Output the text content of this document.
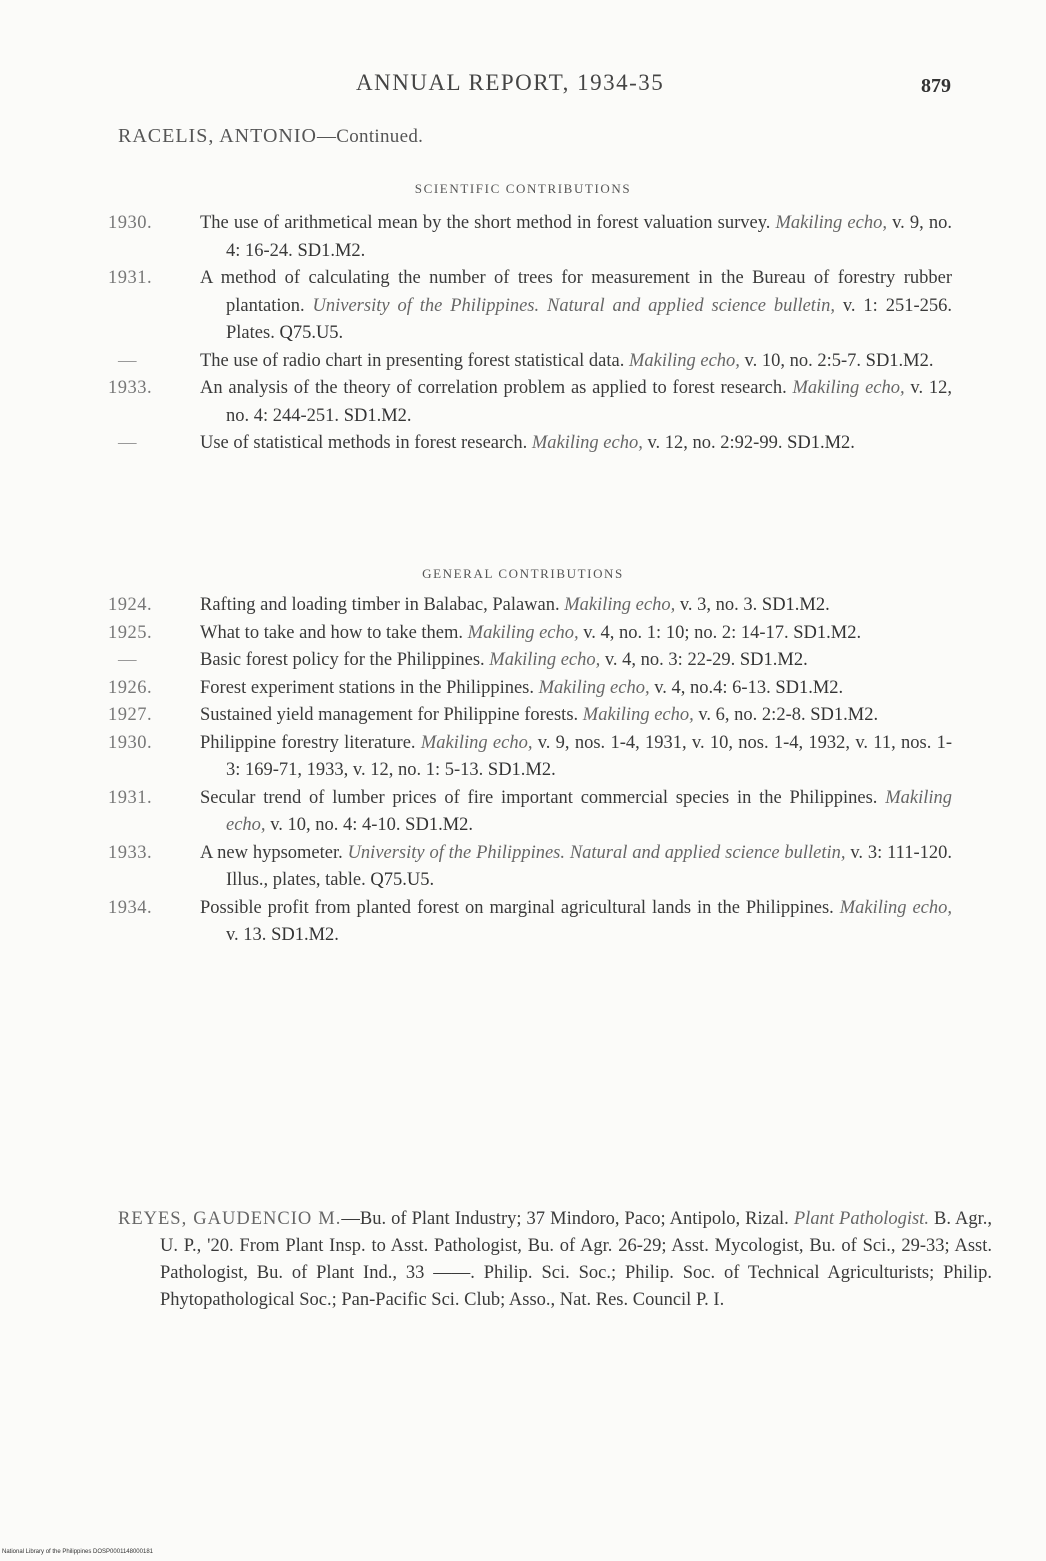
ANNUAL REPORT, 1934-35	879
RACELIS, ANTONIO—Continued.
SCIENTIFIC CONTRIBUTIONS
1930.	The use of arithmetical mean by the short method in forest valuation survey. Makiling echo, v. 9, no. 4: 16-24. SD1.M2.
1931.	A method of calculating the number of trees for measurement in the Bureau of forestry rubber plantation. University of the Philippines. Natural and applied science bulletin, v. 1: 251-256. Plates. Q75.U5.
—	The use of radio chart in presenting forest statistical data. Makiling echo, v. 10, no. 2:5-7. SD1.M2.
1933.	An analysis of the theory of correlation problem as applied to forest research. Makiling echo, v. 12, no. 4: 244-251. SD1.M2.
—	Use of statistical methods in forest research. Makiling echo, v. 12, no. 2:92-99. SD1.M2.
GENERAL CONTRIBUTIONS
1924.	Rafting and loading timber in Balabac, Palawan. Makiling echo, v. 3, no. 3. SD1.M2.
1925.	What to take and how to take them. Makiling echo, v. 4, no. 1: 10; no. 2: 14-17. SD1.M2.
—	Basic forest policy for the Philippines. Makiling echo, v. 4, no. 3: 22-29. SD1.M2.
1926.	Forest experiment stations in the Philippines. Makiling echo, v. 4, no.4: 6-13. SD1.M2.
1927.	Sustained yield management for Philippine forests. Makiling echo, v. 6, no. 2:2-8. SD1.M2.
1930.	Philippine forestry literature. Makiling echo, v. 9, nos. 1-4, 1931, v. 10, nos. 1-4, 1932, v. 11, nos. 1-3: 169-71, 1933, v. 12, no. 1: 5-13. SD1.M2.
1931.	Secular trend of lumber prices of fire important commercial species in the Philippines. Makiling echo, v. 10, no. 4: 4-10. SD1.M2.
1933.	A new hypsometer. University of the Philippines. Natural and applied science bulletin, v. 3: 111-120. Illus., plates, table. Q75.U5.
1934.	Possible profit from planted forest on marginal agricultural lands in the Philippines. Makiling echo, v. 13. SD1.M2.
REYES, GAUDENCIO M.—Bu. of Plant Industry; 37 Mindoro, Paco; Antipolo, Rizal. Plant Pathologist. B. Agr., U. P., '20. From Plant Insp. to Asst. Pathologist, Bu. of Agr. 26-29; Asst. Mycologist, Bu. of Sci., 29-33; Asst. Pathologist, Bu. of Plant Ind., 33 ——. Philip. Sci. Soc.; Philip. Soc. of Technical Agriculturists; Philip. Phytopathological Soc.; Pan-Pacific Sci. Club; Asso., Nat. Res. Council P. I.
National Library of the Philippines DOSP0001148000181
